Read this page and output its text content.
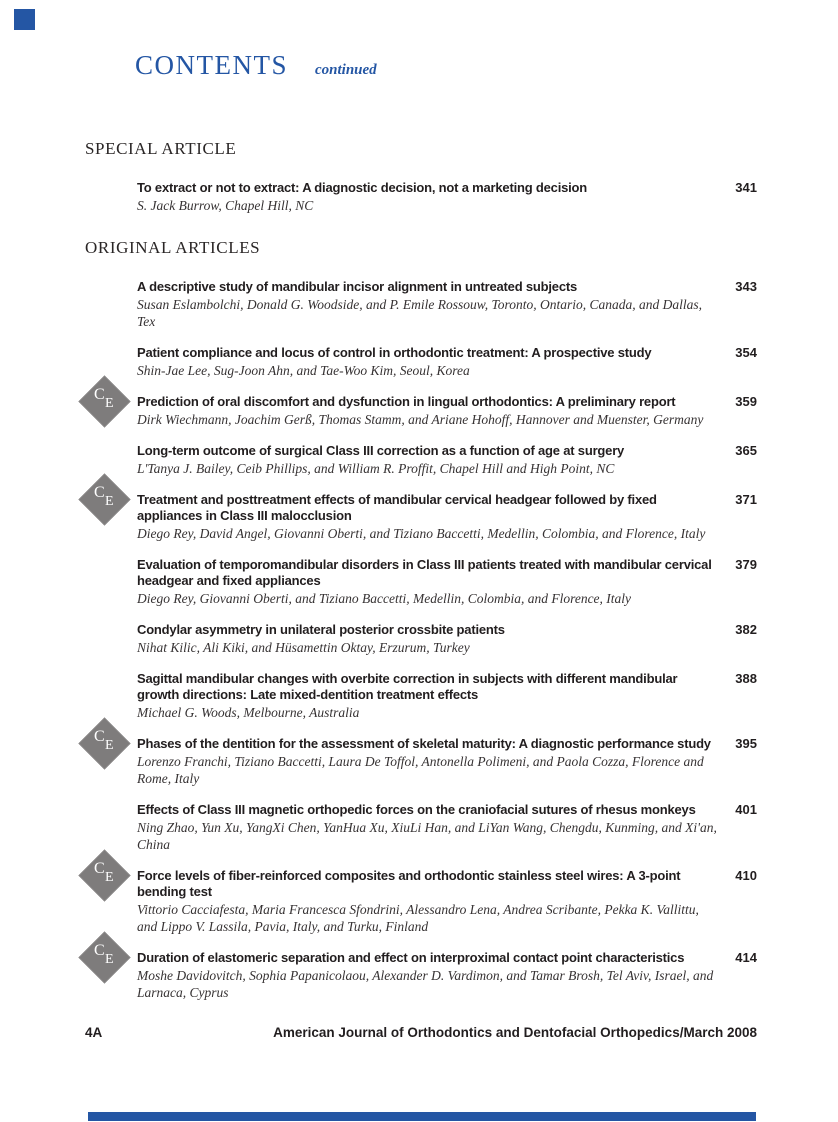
CONTENTS continued
SPECIAL ARTICLE
To extract or not to extract: A diagnostic decision, not a marketing decision
S. Jack Burrow, Chapel Hill, NC
341
ORIGINAL ARTICLES
A descriptive study of mandibular incisor alignment in untreated subjects
Susan Eslambolchi, Donald G. Woodside, and P. Emile Rossouw, Toronto, Ontario, Canada, and Dallas, Tex
343
Patient compliance and locus of control in orthodontic treatment: A prospective study
Shin-Jae Lee, Sug-Joon Ahn, and Tae-Woo Kim, Seoul, Korea
354
C
E Prediction of oral discomfort and dysfunction in lingual orthodontics: A preliminary report
Dirk Wiechmann, Joachim Gerß, Thomas Stamm, and Ariane Hohoff, Hannover and Muenster, Germany
359
Long-term outcome of surgical Class III correction as a function of age at surgery
L'Tanya J. Bailey, Ceib Phillips, and William R. Proffit, Chapel Hill and High Point, NC
365
C
E Treatment and posttreatment effects of mandibular cervical headgear followed by fixed appliances in Class III malocclusion
Diego Rey, David Angel, Giovanni Oberti, and Tiziano Baccetti, Medellin, Colombia, and Florence, Italy
371
Evaluation of temporomandibular disorders in Class III patients treated with mandibular cervical headgear and fixed appliances
Diego Rey, Giovanni Oberti, and Tiziano Baccetti, Medellin, Colombia, and Florence, Italy
379
Condylar asymmetry in unilateral posterior crossbite patients
Nihat Kilic, Ali Kiki, and Hüsamettin Oktay, Erzurum, Turkey
382
Sagittal mandibular changes with overbite correction in subjects with different mandibular growth directions: Late mixed-dentition treatment effects
Michael G. Woods, Melbourne, Australia
388
C
E Phases of the dentition for the assessment of skeletal maturity: A diagnostic performance study
Lorenzo Franchi, Tiziano Baccetti, Laura De Toffol, Antonella Polimeni, and Paola Cozza, Florence and Rome, Italy
395
Effects of Class III magnetic orthopedic forces on the craniofacial sutures of rhesus monkeys
Ning Zhao, Yun Xu, YangXi Chen, YanHua Xu, XiuLi Han, and LiYan Wang, Chengdu, Kunming, and Xi'an, China
401
C
E Force levels of fiber-reinforced composites and orthodontic stainless steel wires: A 3-point bending test
Vittorio Cacciafesta, Maria Francesca Sfondrini, Alessandro Lena, Andrea Scribante, Pekka K. Vallittu, and Lippo V. Lassila, Pavia, Italy, and Turku, Finland
410
C
E Duration of elastomeric separation and effect on interproximal contact point characteristics
Moshe Davidovitch, Sophia Papanicolaou, Alexander D. Vardimon, and Tamar Brosh, Tel Aviv, Israel, and Larnaca, Cyprus
414
4A	American Journal of Orthodontics and Dentofacial Orthopedics/March 2008
